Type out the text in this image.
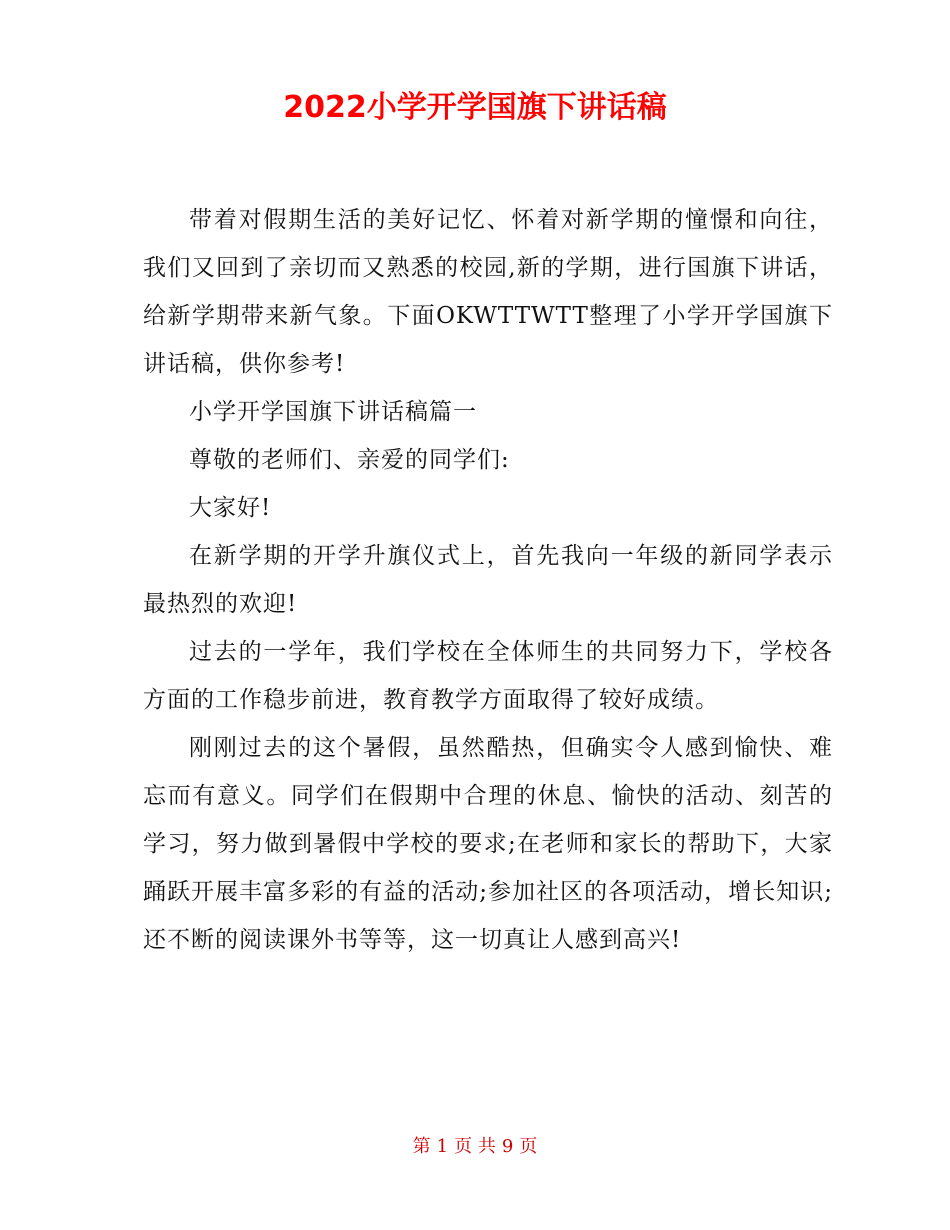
2022小学开学国旗下讲话稿

带着对假期生活的美好记忆、怀着对新学期的憧憬和向往，我们又回到了亲切而又熟悉的校园,新的学期，进行国旗下讲话，给新学期带来新气象。下面OKWTTWTT整理了小学开学国旗下讲话稿，供你参考!

小学开学国旗下讲话稿篇一

尊敬的老师们、亲爱的同学们:

大家好!

在新学期的开学升旗仪式上，首先我向一年级的新同学表示最热烈的欢迎!

过去的一学年，我们学校在全体师生的共同努力下，学校各方面的工作稳步前进，教育教学方面取得了较好成绩。

刚刚过去的这个暑假，虽然酷热，但确实令人感到愉快、难忘而有意义。同学们在假期中合理的休息、愉快的活动、刻苦的学习，努力做到暑假中学校的要求;在老师和家长的帮助下，大家踊跃开展丰富多彩的有益的活动;参加社区的各项活动，增长知识;还不断的阅读课外书等等，这一切真让人感到高兴!

第 1 页 共 9 页
